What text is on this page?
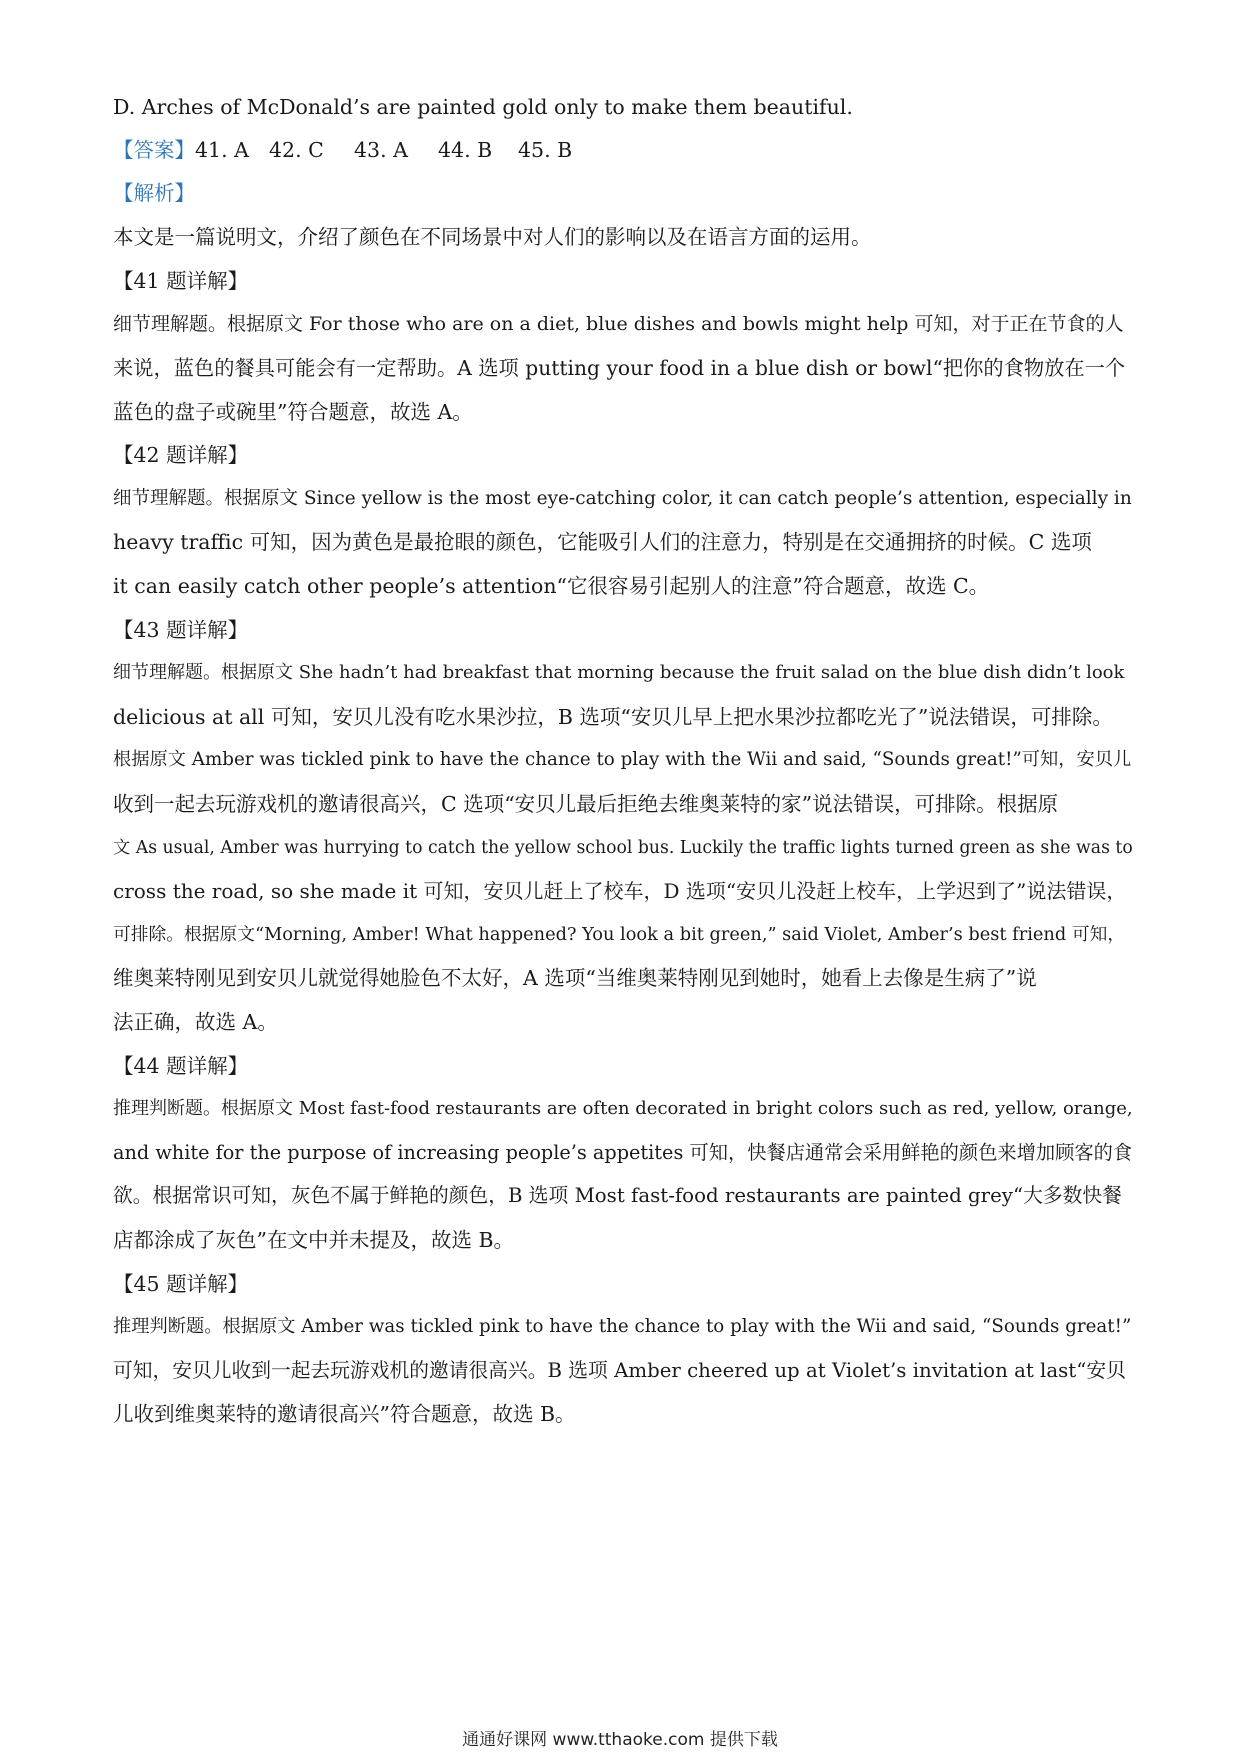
D. Arches of McDonald’s are painted gold only to make them beautiful.
【答案】41. A 42. C 43. A 44. B 45. B
【解析】
本文是一篇说明文，介绍了颜色在不同场景中对人们的影响以及在语言方面的运用。
【41 题详解】
细节理解题。根据原文 For those who are on a diet, blue dishes and bowls might help 可知，对于正在节食的人
来说，蓝色的餐具可能会有一定帮助。A 选项 putting your food in a blue dish or bowl“把你的食物放在一个
蓝色的盘子或碗里”符合题意，故选 A。
【42 题详解】
细节理解题。根据原文 Since yellow is the most eye-catching color, it can catch people’s attention, especially in
heavy traffic 可知，因为黄色是最抢眼的颜色，它能吸引人们的注意力，特别是在交通拥挤的时候。C 选项
it can easily catch other people’s attention“它很容易引起别人的注意”符合题意，故选 C。
【43 题详解】
细节理解题。根据原文 She hadn’t had breakfast that morning because the fruit salad on the blue dish didn’t look
delicious at all 可知，安贝儿没有吃水果沙拉，B 选项“安贝儿早上把水果沙拉都吃光了”说法错误，可排除。
根据原文 Amber was tickled pink to have the chance to play with the Wii and said, “Sounds great!”可知，安贝儿
收到一起去玩游戏机的邀请很高兴，C 选项“安贝儿最后拒绝去维奥莱特的家”说法错误，可排除。根据原
文 As usual, Amber was hurrying to catch the yellow school bus. Luckily the traffic lights turned green as she was to
cross the road, so she made it 可知，安贝儿赶上了校车，D 选项“安贝儿没赶上校车，上学迟到了”说法错误，
可排除。根据原文“Morning, Amber! What happened? You look a bit green,” said Violet, Amber’s best friend 可知，
维奥莱特刚见到安贝儿就觉得她脸色不太好，A 选项“当维奥莱特刚见到她时，她看上去像是生病了”说
法正确，故选 A。
【44 题详解】
推理判断题。根据原文 Most fast-food restaurants are often decorated in bright colors such as red, yellow, orange,
and white for the purpose of increasing people’s appetites 可知，快餐店通常会采用鲜艳的颜色来增加顾客的食
欲。根据常识可知，灰色不属于鲜艳的颜色，B 选项 Most fast-food restaurants are painted grey“大多数快餐
店都涂成了灰色”在文中并未提及，故选 B。
【45 题详解】
推理判断题。根据原文 Amber was tickled pink to have the chance to play with the Wii and said, “Sounds great!”
可知，安贝儿收到一起去玩游戏机的邀请很高兴。B 选项 Amber cheered up at Violet’s invitation at last“安贝
儿收到维奥莱特的邀请很高兴”符合题意，故选 B。
通通好课网 www.tthaoke.com 提供下载
